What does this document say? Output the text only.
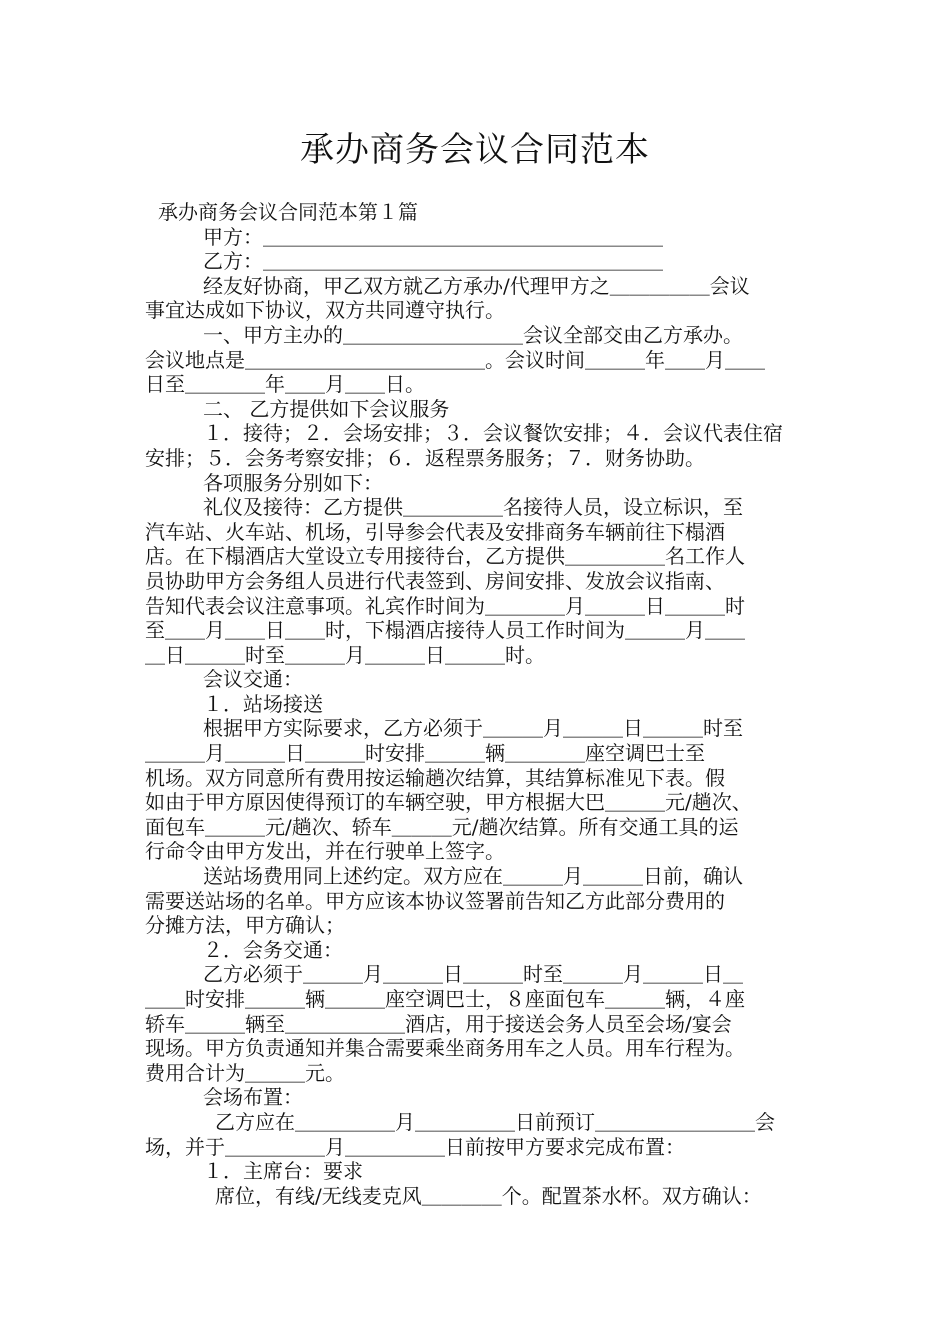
承办商务会议合同范本
承办商务会议合同范本第１篇
甲方：＿＿＿＿＿＿＿＿＿＿＿＿＿＿＿＿＿＿＿＿
乙方：＿＿＿＿＿＿＿＿＿＿＿＿＿＿＿＿＿＿＿＿
经友好协商，甲乙双方就乙方承办/代理甲方之＿＿＿＿＿会议
事宜达成如下协议，双方共同遵守执行。
一、甲方主办的＿＿＿＿＿＿＿＿＿会议全部交由乙方承办。
会议地点是＿＿＿＿＿＿＿＿＿＿＿＿。会议时间＿＿＿年＿＿月＿＿
日至＿＿＿＿年＿＿月＿＿日。
二、 乙方提供如下会议服务
１．接待；２．会场安排；３．会议餐饮安排；４．会议代表住宿
安排；５．会务考察安排；６．返程票务服务；７．财务协助。
各项服务分别如下：
礼仪及接待：乙方提供＿＿＿＿＿名接待人员，设立标识，至
汽车站、火车站、机场，引导参会代表及安排商务车辆前往下榻酒
店。在下榻酒店大堂设立专用接待台，乙方提供＿＿＿＿＿名工作人
员协助甲方会务组人员进行代表签到、房间安排、发放会议指南、
告知代表会议注意事项。礼宾作时间为＿＿＿＿月＿＿＿日＿＿＿时
至＿＿月＿＿日＿＿时，下榻酒店接待人员工作时间为＿＿＿月＿＿
＿日＿＿＿时至＿＿＿月＿＿＿日＿＿＿时。
会议交通：
１．站场接送
根据甲方实际要求，乙方必须于＿＿＿月＿＿＿日＿＿＿时至
＿＿＿月＿＿＿日＿＿＿时安排＿＿＿辆＿＿＿＿座空调巴士至
机场。双方同意所有费用按运输趟次结算，其结算标准见下表。假
如由于甲方原因使得预订的车辆空驶，甲方根据大巴＿＿＿元/趟次、
面包车＿＿＿元/趟次、轿车＿＿＿元/趟次结算。所有交通工具的运
行命令由甲方发出，并在行驶单上签字。
送站场费用同上述约定。双方应在＿＿＿月＿＿＿日前，确认
需要送站场的名单。甲方应该本协议签署前告知乙方此部分费用的
分摊方法，甲方确认；
２．会务交通：
乙方必须于＿＿＿月＿＿＿日＿＿＿时至＿＿＿月＿＿＿日＿
＿＿时安排＿＿＿辆＿＿＿座空调巴士，８座面包车＿＿＿辆，４座
轿车＿＿＿辆至＿＿＿＿＿＿酒店，用于接送会务人员至会场/宴会
现场。甲方负责通知并集合需要乘坐商务用车之人员。用车行程为。
费用合计为＿＿＿元。
会场布置：
乙方应在＿＿＿＿＿月＿＿＿＿＿日前预订＿＿＿＿＿＿＿＿会
场，并于＿＿＿＿＿月＿＿＿＿＿日前按甲方要求完成布置：
１．主席台：要求
席位，有线/无线麦克风＿＿＿＿个。配置茶水杯。双方确认：
